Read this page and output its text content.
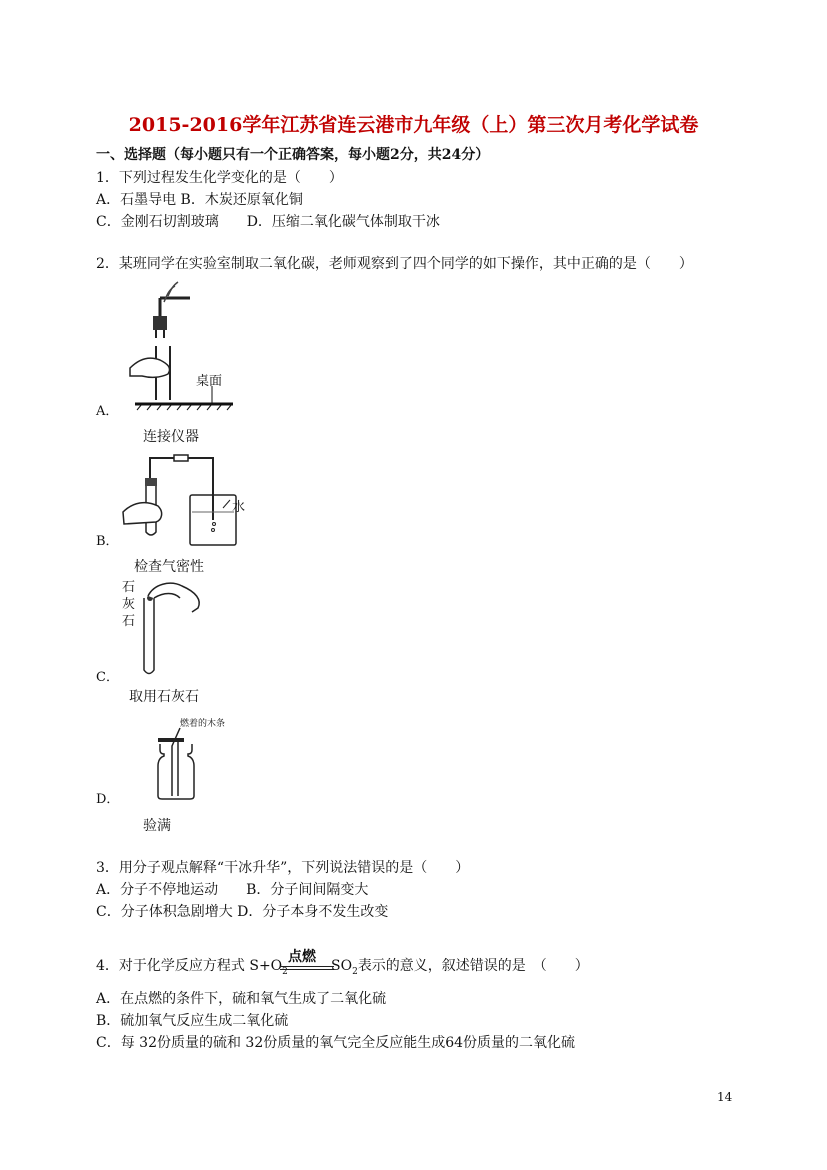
2015-2016学年江苏省连云港市九年级（上）第三次月考化学试卷
一、选择题（每小题只有一个正确答案，每小题2分，共24分）
1．下列过程发生化学变化的是（　　）
A．石墨导电 B．木炭还原氧化铜
C．金刚石切割玻璃　　D．压缩二氧化碳气体制取干冰
2．某班同学在实验室制取二氧化碳，老师观察到了四个同学的如下操作，其中正确的是（　　）
桌面
A．
连接仪器
水
B．
检查气密性
石
灰
石
C．
取用石灰石
燃着的木条
D．
验满
3．用分子观点解释“干冰升华”，下列说法错误的是（　　）
A．分子不停地运动　　B．分子间间隔变大
C．分子体积急剧增大 D．分子本身不发生改变
4．对于化学反应方程式 $S+O_2$
点燃
$SO_2$表示的意义，叙述错误的是　（　　）
A．在点燃的条件下，硫和氧气生成了二氧化硫
B．硫加氧气反应生成二氧化硫
C．每 32份质量的硫和 32份质量的氧气完全反应能生成64份质量的二氧化硫
14
